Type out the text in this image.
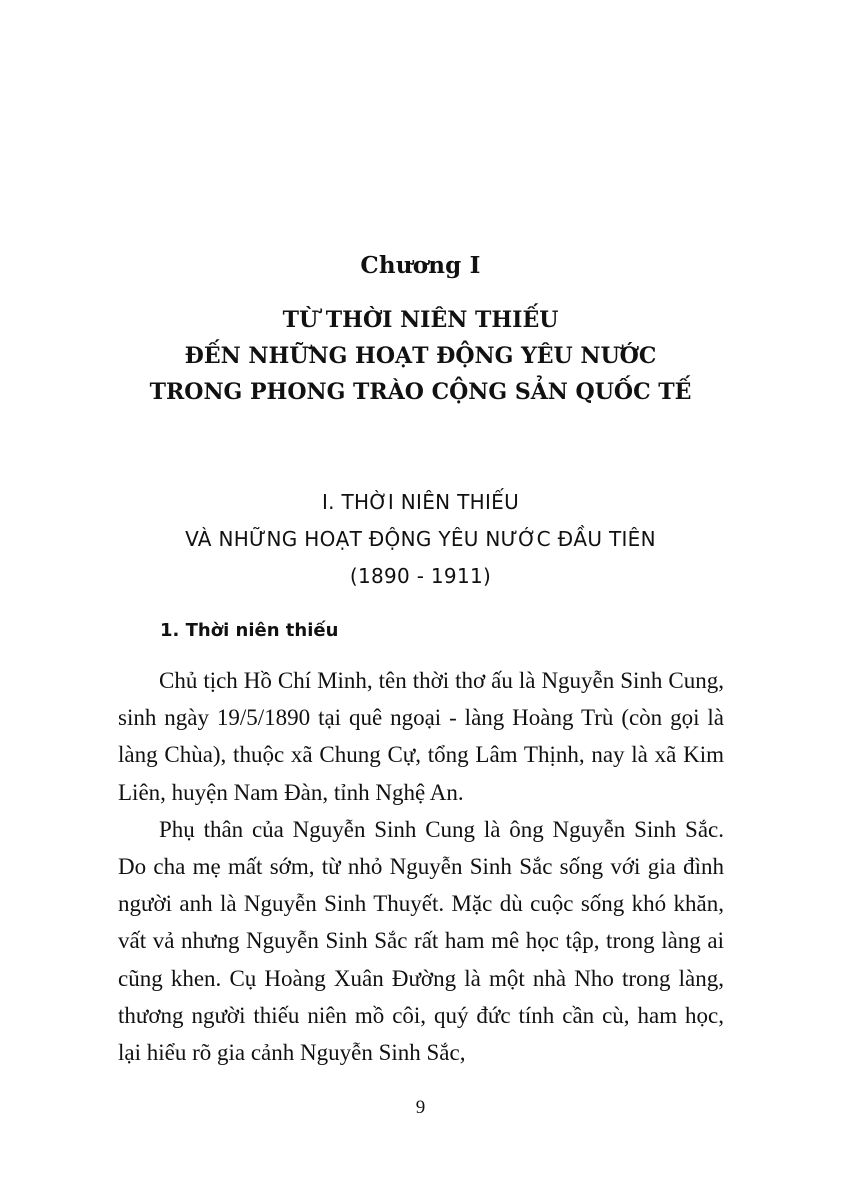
Chương I
TỪ THỜI NIÊN THIẾU
ĐẾN NHỮNG HOẠT ĐỘNG YÊU NƯỚC
TRONG PHONG TRÀO CỘNG SẢN QUỐC TẾ
I. THỜI NIÊN THIẾU
VÀ NHỮNG HOẠT ĐỘNG YÊU NƯỚC ĐẦU TIÊN
(1890 - 1911)
1. Thời niên thiếu

Chủ tịch Hồ Chí Minh, tên thời thơ ấu là Nguyễn Sinh Cung, sinh ngày 19/5/1890 tại quê ngoại - làng Hoàng Trù (còn gọi là làng Chùa), thuộc xã Chung Cự, tổng Lâm Thịnh, nay là xã Kim Liên, huyện Nam Đàn, tỉnh Nghệ An.

Phụ thân của Nguyễn Sinh Cung là ông Nguyễn Sinh Sắc. Do cha mẹ mất sớm, từ nhỏ Nguyễn Sinh Sắc sống với gia đình người anh là Nguyễn Sinh Thuyết. Mặc dù cuộc sống khó khăn, vất vả nhưng Nguyễn Sinh Sắc rất ham mê học tập, trong làng ai cũng khen. Cụ Hoàng Xuân Đường là một nhà Nho trong làng, thương người thiếu niên mồ côi, quý đức tính cần cù, ham học, lại hiểu rõ gia cảnh Nguyễn Sinh Sắc,

9
